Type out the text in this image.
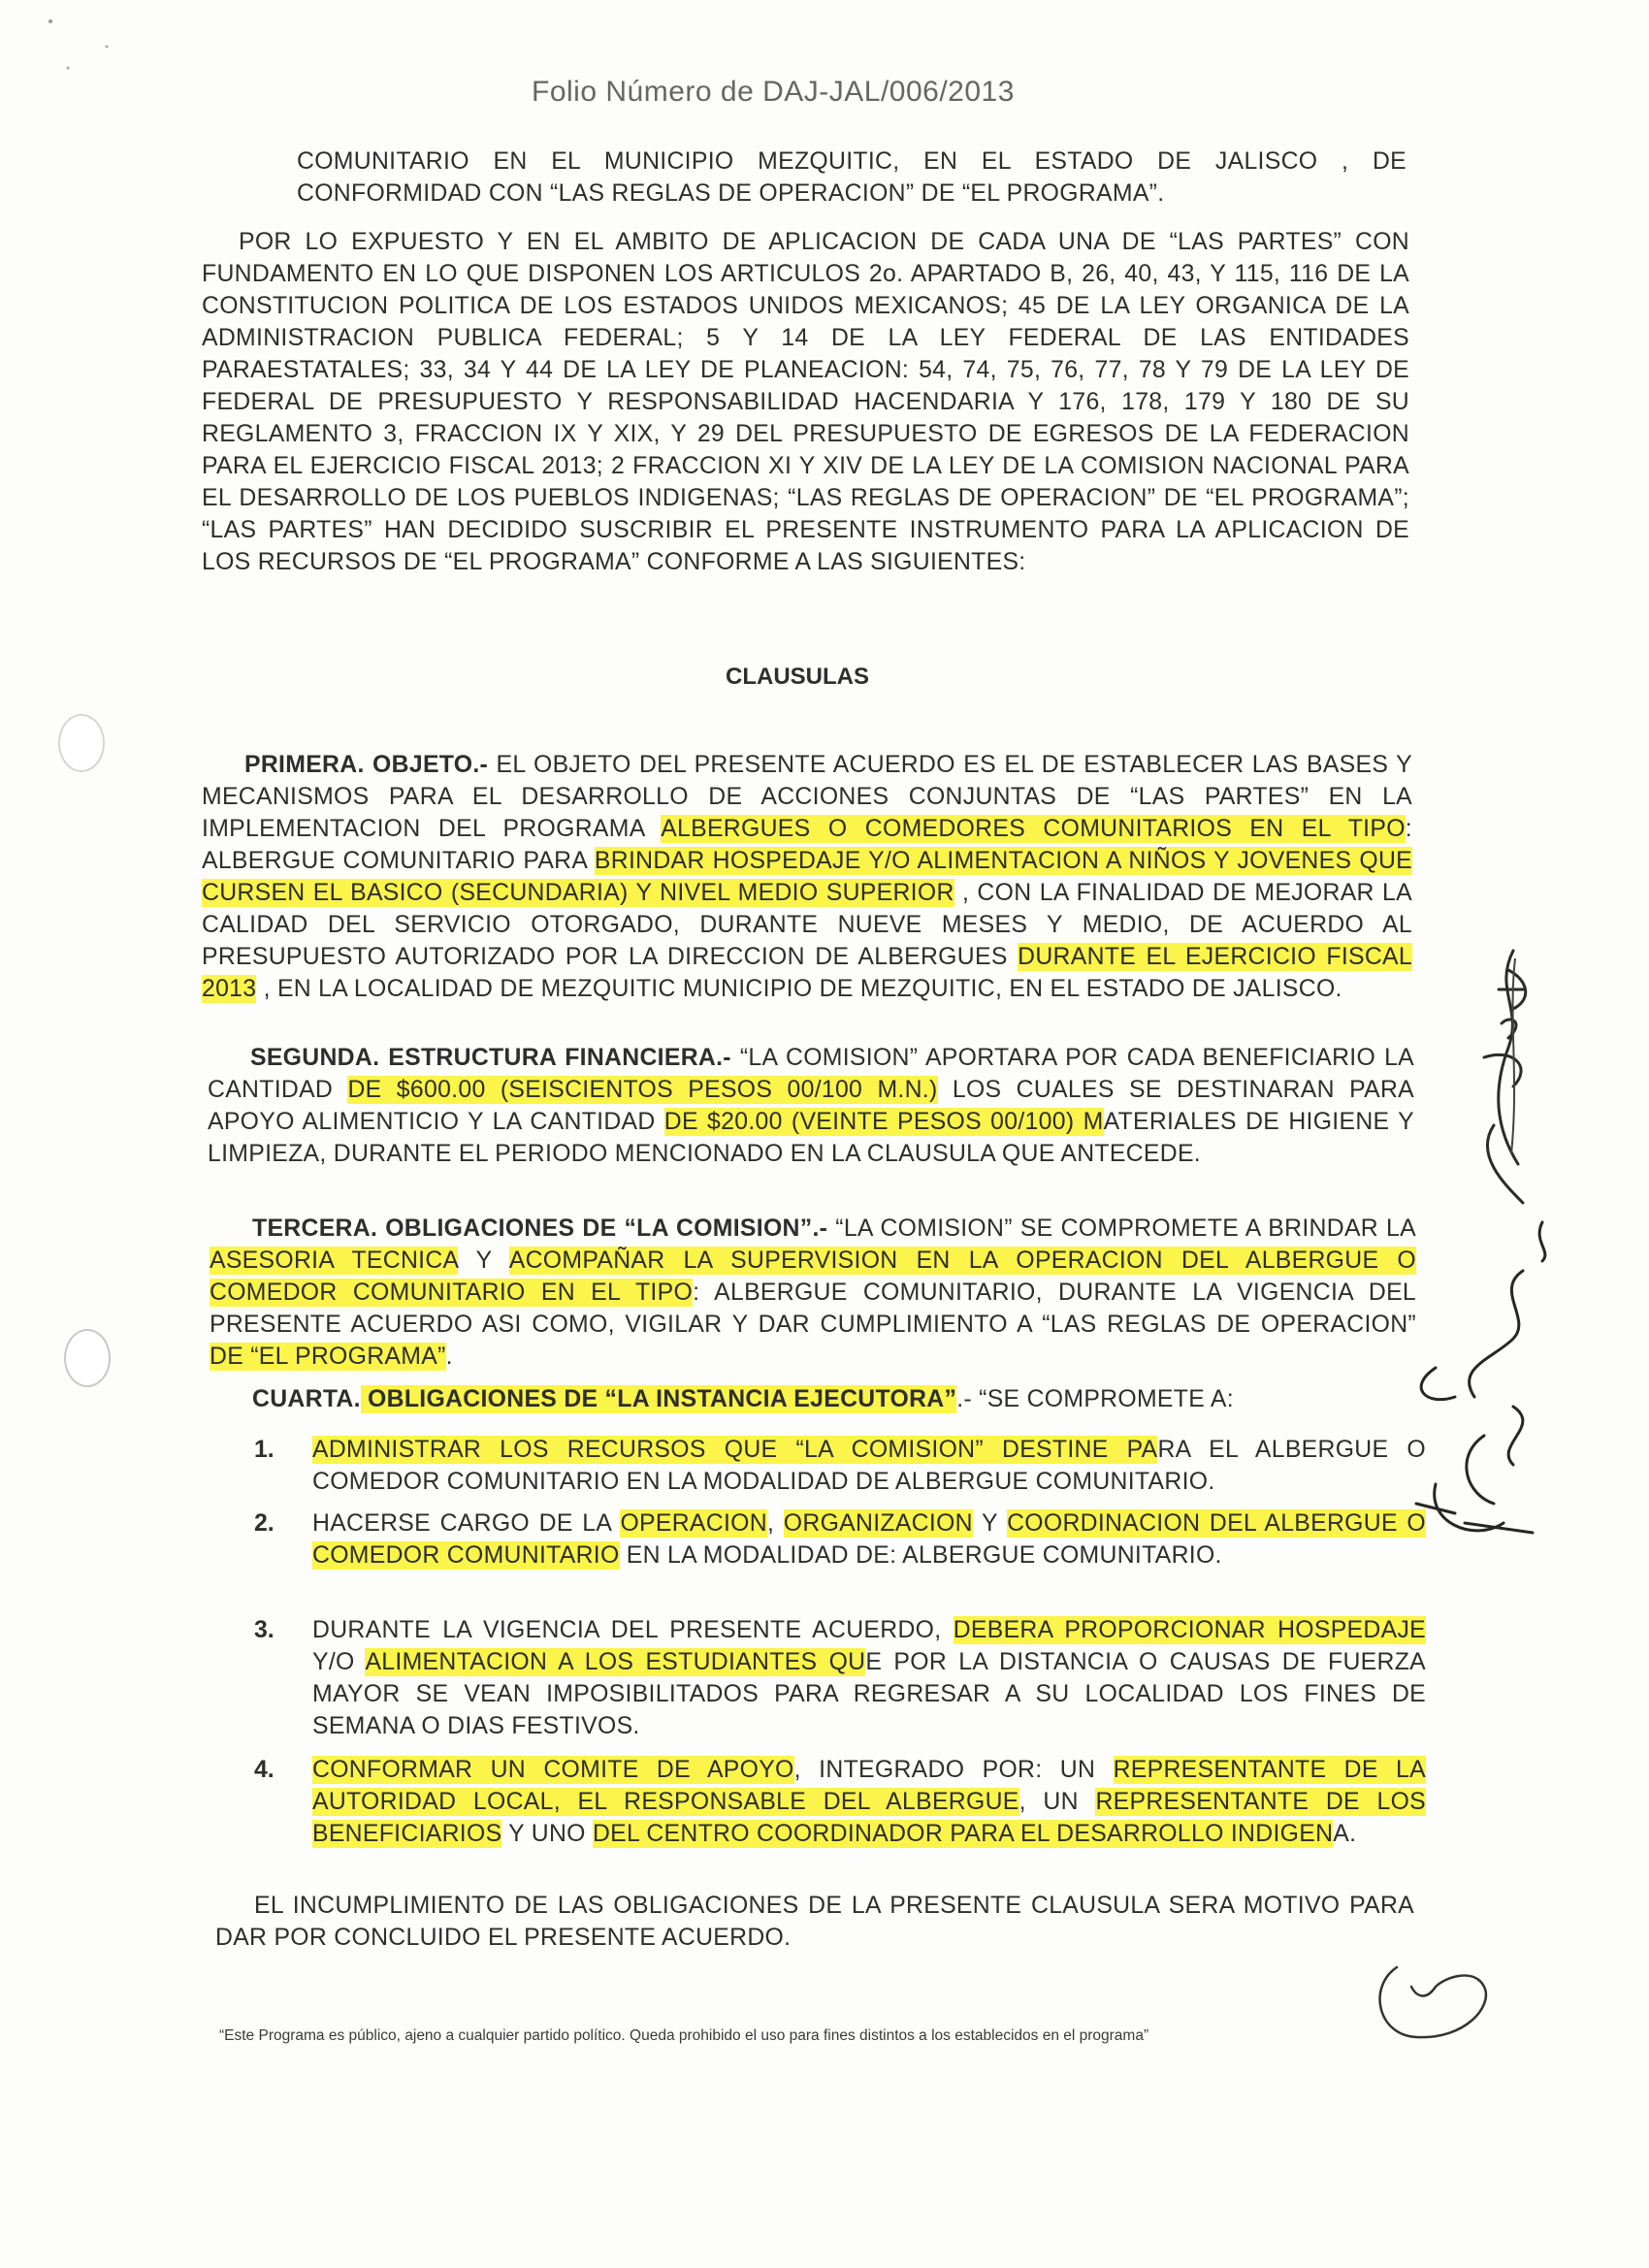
Folio Número de DAJ-JAL/006/2013
COMUNITARIO EN EL MUNICIPIO MEZQUITIC, EN EL ESTADO DE JALISCO , DE CONFORMIDAD CON “LAS REGLAS DE OPERACION” DE “EL PROGRAMA”.
POR LO EXPUESTO Y EN EL AMBITO DE APLICACION DE CADA UNA DE “LAS PARTES” CON FUNDAMENTO EN LO QUE DISPONEN LOS ARTICULOS 2o. APARTADO B, 26, 40, 43, Y 115, 116 DE LA CONSTITUCION POLITICA DE LOS ESTADOS UNIDOS MEXICANOS; 45 DE LA LEY ORGANICA DE LA ADMINISTRACION PUBLICA FEDERAL; 5 Y 14 DE LA LEY FEDERAL DE LAS ENTIDADES PARAESTATALES; 33, 34 Y 44 DE LA LEY DE PLANEACION: 54, 74, 75, 76, 77, 78 Y 79 DE LA LEY DE FEDERAL DE PRESUPUESTO Y RESPONSABILIDAD HACENDARIA Y 176, 178, 179 Y 180 DE SU REGLAMENTO 3, FRACCION IX Y XIX, Y 29 DEL PRESUPUESTO DE EGRESOS DE LA FEDERACION PARA EL EJERCICIO FISCAL 2013; 2 FRACCION XI Y XIV DE LA LEY DE LA COMISION NACIONAL PARA EL DESARROLLO DE LOS PUEBLOS INDIGENAS; “LAS REGLAS DE OPERACION” DE “EL PROGRAMA”; “LAS PARTES” HAN DECIDIDO SUSCRIBIR EL PRESENTE INSTRUMENTO PARA LA APLICACION DE LOS RECURSOS DE “EL PROGRAMA” CONFORME A LAS SIGUIENTES:
CLAUSULAS
PRIMERA. OBJETO.- EL OBJETO DEL PRESENTE ACUERDO ES EL DE ESTABLECER LAS BASES Y MECANISMOS PARA EL DESARROLLO DE ACCIONES CONJUNTAS DE “LAS PARTES” EN LA IMPLEMENTACION DEL PROGRAMA ALBERGUES O COMEDORES COMUNITARIOS EN EL TIPO: ALBERGUE COMUNITARIO PARA BRINDAR HOSPEDAJE Y/O ALIMENTACION A NIÑOS Y JOVENES QUE CURSEN EL BASICO (SECUNDARIA) Y NIVEL MEDIO SUPERIOR , CON LA FINALIDAD DE MEJORAR LA CALIDAD DEL SERVICIO OTORGADO, DURANTE NUEVE MESES Y MEDIO, DE ACUERDO AL PRESUPUESTO AUTORIZADO POR LA DIRECCION DE ALBERGUES DURANTE EL EJERCICIO FISCAL 2013 , EN LA LOCALIDAD DE MEZQUITIC MUNICIPIO DE MEZQUITIC, EN EL ESTADO DE JALISCO.
SEGUNDA. ESTRUCTURA FINANCIERA.- “LA COMISION” APORTARA POR CADA BENEFICIARIO LA CANTIDAD DE $600.00 (SEISCIENTOS PESOS 00/100 M.N.) LOS CUALES SE DESTINARAN PARA APOYO ALIMENTICIO Y LA CANTIDAD DE $20.00 (VEINTE PESOS 00/100) MATERIALES DE HIGIENE Y LIMPIEZA, DURANTE EL PERIODO MENCIONADO EN LA CLAUSULA QUE ANTECEDE.
TERCERA. OBLIGACIONES DE “LA COMISION”.- “LA COMISION” SE COMPROMETE A BRINDAR LA ASESORIA TECNICA Y ACOMPAÑAR LA SUPERVISION EN LA OPERACION DEL ALBERGUE O COMEDOR COMUNITARIO EN EL TIPO: ALBERGUE COMUNITARIO, DURANTE LA VIGENCIA DEL PRESENTE ACUERDO ASI COMO, VIGILAR Y DAR CUMPLIMIENTO A “LAS REGLAS DE OPERACION” DE “EL PROGRAMA”.
CUARTA. OBLIGACIONES DE “LA INSTANCIA EJECUTORA”.- “SE COMPROMETE A:
1. ADMINISTRAR LOS RECURSOS QUE “LA COMISION” DESTINE PARA EL ALBERGUE O COMEDOR COMUNITARIO EN LA MODALIDAD DE ALBERGUE COMUNITARIO.
2. HACERSE CARGO DE LA OPERACION, ORGANIZACION Y COORDINACION DEL ALBERGUE O COMEDOR COMUNITARIO EN LA MODALIDAD DE: ALBERGUE COMUNITARIO.
3. DURANTE LA VIGENCIA DEL PRESENTE ACUERDO, DEBERA PROPORCIONAR HOSPEDAJE Y/O ALIMENTACION A LOS ESTUDIANTES QUE POR LA DISTANCIA O CAUSAS DE FUERZA MAYOR SE VEAN IMPOSIBILITADOS PARA REGRESAR A SU LOCALIDAD LOS FINES DE SEMANA O DIAS FESTIVOS.
4. CONFORMAR UN COMITE DE APOYO, INTEGRADO POR: UN REPRESENTANTE DE LA AUTORIDAD LOCAL, EL RESPONSABLE DEL ALBERGUE, UN REPRESENTANTE DE LOS BENEFICIARIOS Y UNO DEL CENTRO COORDINADOR PARA EL DESARROLLO INDIGENA.
EL INCUMPLIMIENTO DE LAS OBLIGACIONES DE LA PRESENTE CLAUSULA SERA MOTIVO PARA DAR POR CONCLUIDO EL PRESENTE ACUERDO.
“Este Programa es público, ajeno a cualquier partido político. Queda prohibido el uso para fines distintos a los establecidos en el programa”
